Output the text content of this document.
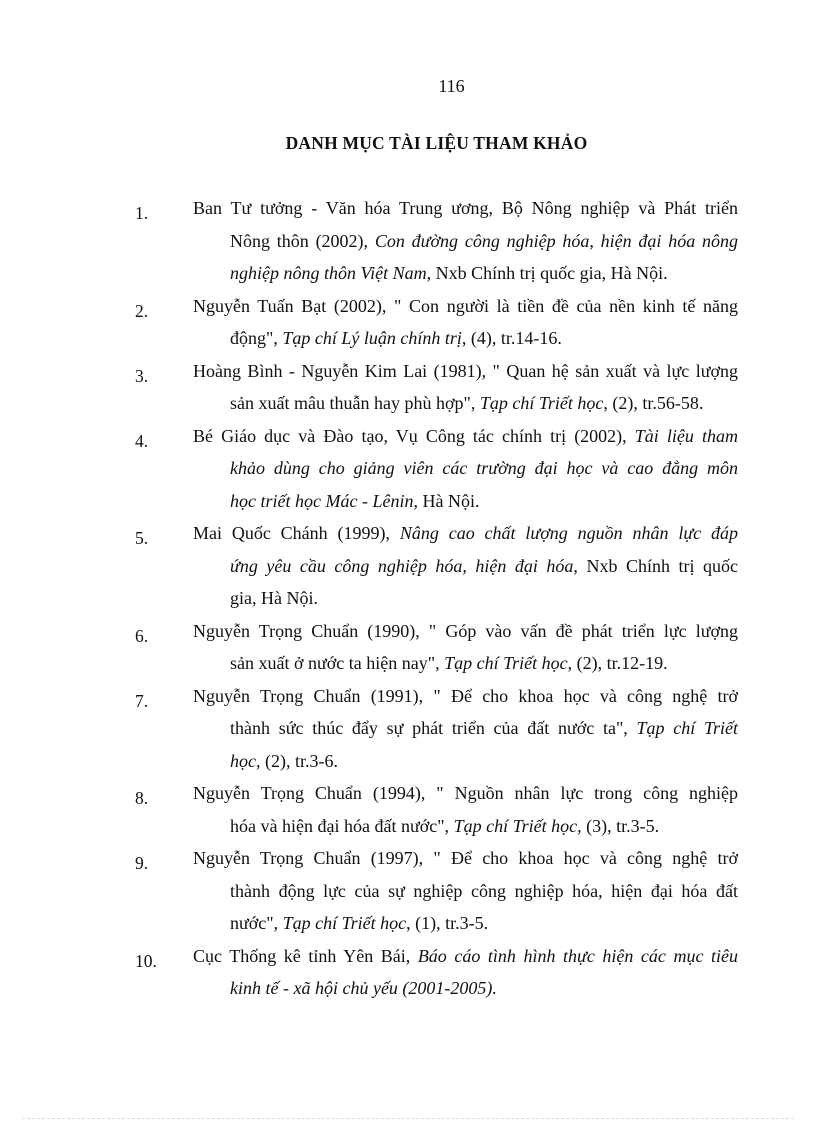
116
DANH MỤC TÀI LIỆU THAM KHẢO
1. Ban Tư tưởng - Văn hóa Trung ương, Bộ Nông nghiệp và Phát triển
Nông thôn (2002), Con đường công nghiệp hóa, hiện đại hóa nông
nghiệp nông thôn Việt Nam, Nxb Chính trị quốc gia, Hà Nội.
2. Nguyễn Tuấn Bạt (2002), " Con người là tiền đề của nền kinh tế năng
động", Tạp chí Lý luận chính trị, (4), tr.14-16.
3. Hoàng Bình - Nguyễn Kim Lai (1981), " Quan hệ sản xuất và lực lượng
sản xuất mâu thuẫn hay phù hợp", Tạp chí Triết học, (2), tr.56-58.
4. Bé Giáo dục và Đào tạo, Vụ Công tác chính trị (2002), Tài liệu tham
khảo dùng cho giảng viên các trường đại học và cao đẳng môn
học triết học Mác - Lênin, Hà Nội.
5. Mai Quốc Chánh (1999), Nâng cao chất lượng nguồn nhân lực đáp
ứng yêu cầu công nghiệp hóa, hiện đại hóa, Nxb Chính trị quốc
gia, Hà Nội.
6. Nguyễn Trọng Chuẩn (1990), " Góp vào vấn đề phát triển lực lượng
sản xuất ở nước ta hiện nay", Tạp chí Triết học, (2), tr.12-19.
7. Nguyễn Trọng Chuẩn (1991), " Để cho khoa học và công nghệ trở
thành sức thúc đẩy sự phát triển của đất nước ta", Tạp chí Triết
học, (2), tr.3-6.
8. Nguyễn Trọng Chuẩn (1994), " Nguồn nhân lực trong công nghiệp
hóa và hiện đại hóa đất nước", Tạp chí Triết học, (3), tr.3-5.
9. Nguyễn Trọng Chuẩn (1997), " Để cho khoa học và công nghệ trở
thành động lực của sự nghiệp công nghiệp hóa, hiện đại hóa đất
nước", Tạp chí Triết học, (1), tr.3-5.
10. Cục Thống kê tỉnh Yên Bái, Báo cáo tình hình thực hiện các mục tiêu
kinh tế - xã hội chủ yếu (2001-2005).
